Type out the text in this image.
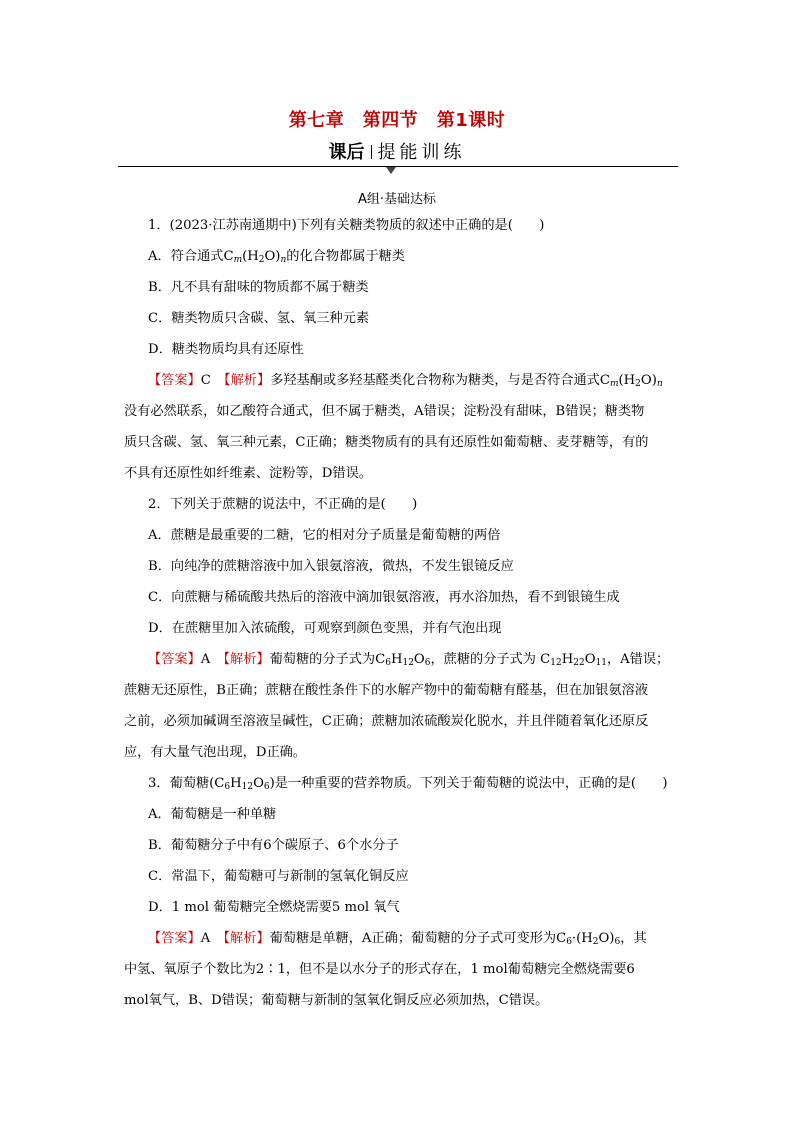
第七章　第四节　第1课时
课后 提能训练
A组·基础达标
1．(2023·江苏南通期中)下列有关糖类物质的叙述中正确的是(　　)
A．符合通式$C_m(H_2O)_n$的化合物都属于糖类
B．凡不具有甜味的物质都不属于糖类
C．糖类物质只含碳、氢、氧三种元素
D．糖类物质均具有还原性
【答案】C　 【解析】多羟基酮或多羟基醛类化合物称为糖类，与是否符合通式$C_m(H_2O)_n$
没有必然联系，如乙酸符合通式，但不属于糖类，A错误；淀粉没有甜味，B错误；糖类物
质只含碳、氢、氧三种元素，C正确；糖类物质有的具有还原性如葡萄糖、麦芽糖等，有的
不具有还原性如纤维素、淀粉等，D错误。
2．下列关于蔗糖的说法中，不正确的是(　　)
A．蔗糖是最重要的二糖，它的相对分子质量是葡萄糖的两倍
B．向纯净的蔗糖溶液中加入银氨溶液，微热，不发生银镜反应
C．向蔗糖与稀硫酸共热后的溶液中滴加银氨溶液，再水浴加热，看不到银镜生成
D．在蔗糖里加入浓硫酸，可观察到颜色变黑，并有气泡出现
【答案】A　 【解析】葡萄糖的分子式为$C_6H_{12}O_6$，蔗糖的分子式为 $C_{12}H_{22}O_{11}$，A错误；
蔗糖无还原性，B正确；蔗糖在酸性条件下的水解产物中的葡萄糖有醛基，但在加银氨溶液
之前，必须加碱调至溶液呈碱性，C正确；蔗糖加浓硫酸炭化脱水，并且伴随着氧化还原反
应，有大量气泡出现，D正确。
3．葡萄糖$(C_6H_{12}O_6)$是一种重要的营养物质。下列关于葡萄糖的说法中，正确的是(　　)
A．葡萄糖是一种单糖
B．葡萄糖分子中有6个碳原子、6个水分子
C．常温下，葡萄糖可与新制的氢氧化铜反应
D．1 mol 葡萄糖完全燃烧需要5 mol 氧气
【答案】A　 【解析】葡萄糖是单糖，A正确；葡萄糖的分子式可变形为$C_6\cdot(H_2O)_6$，其
中氢、氧原子个数比为2∶1，但不是以水分子的形式存在，1 mol葡萄糖完全燃烧需要6
mol氧气，B、D错误；葡萄糖与新制的氢氧化铜反应必须加热，C错误。
